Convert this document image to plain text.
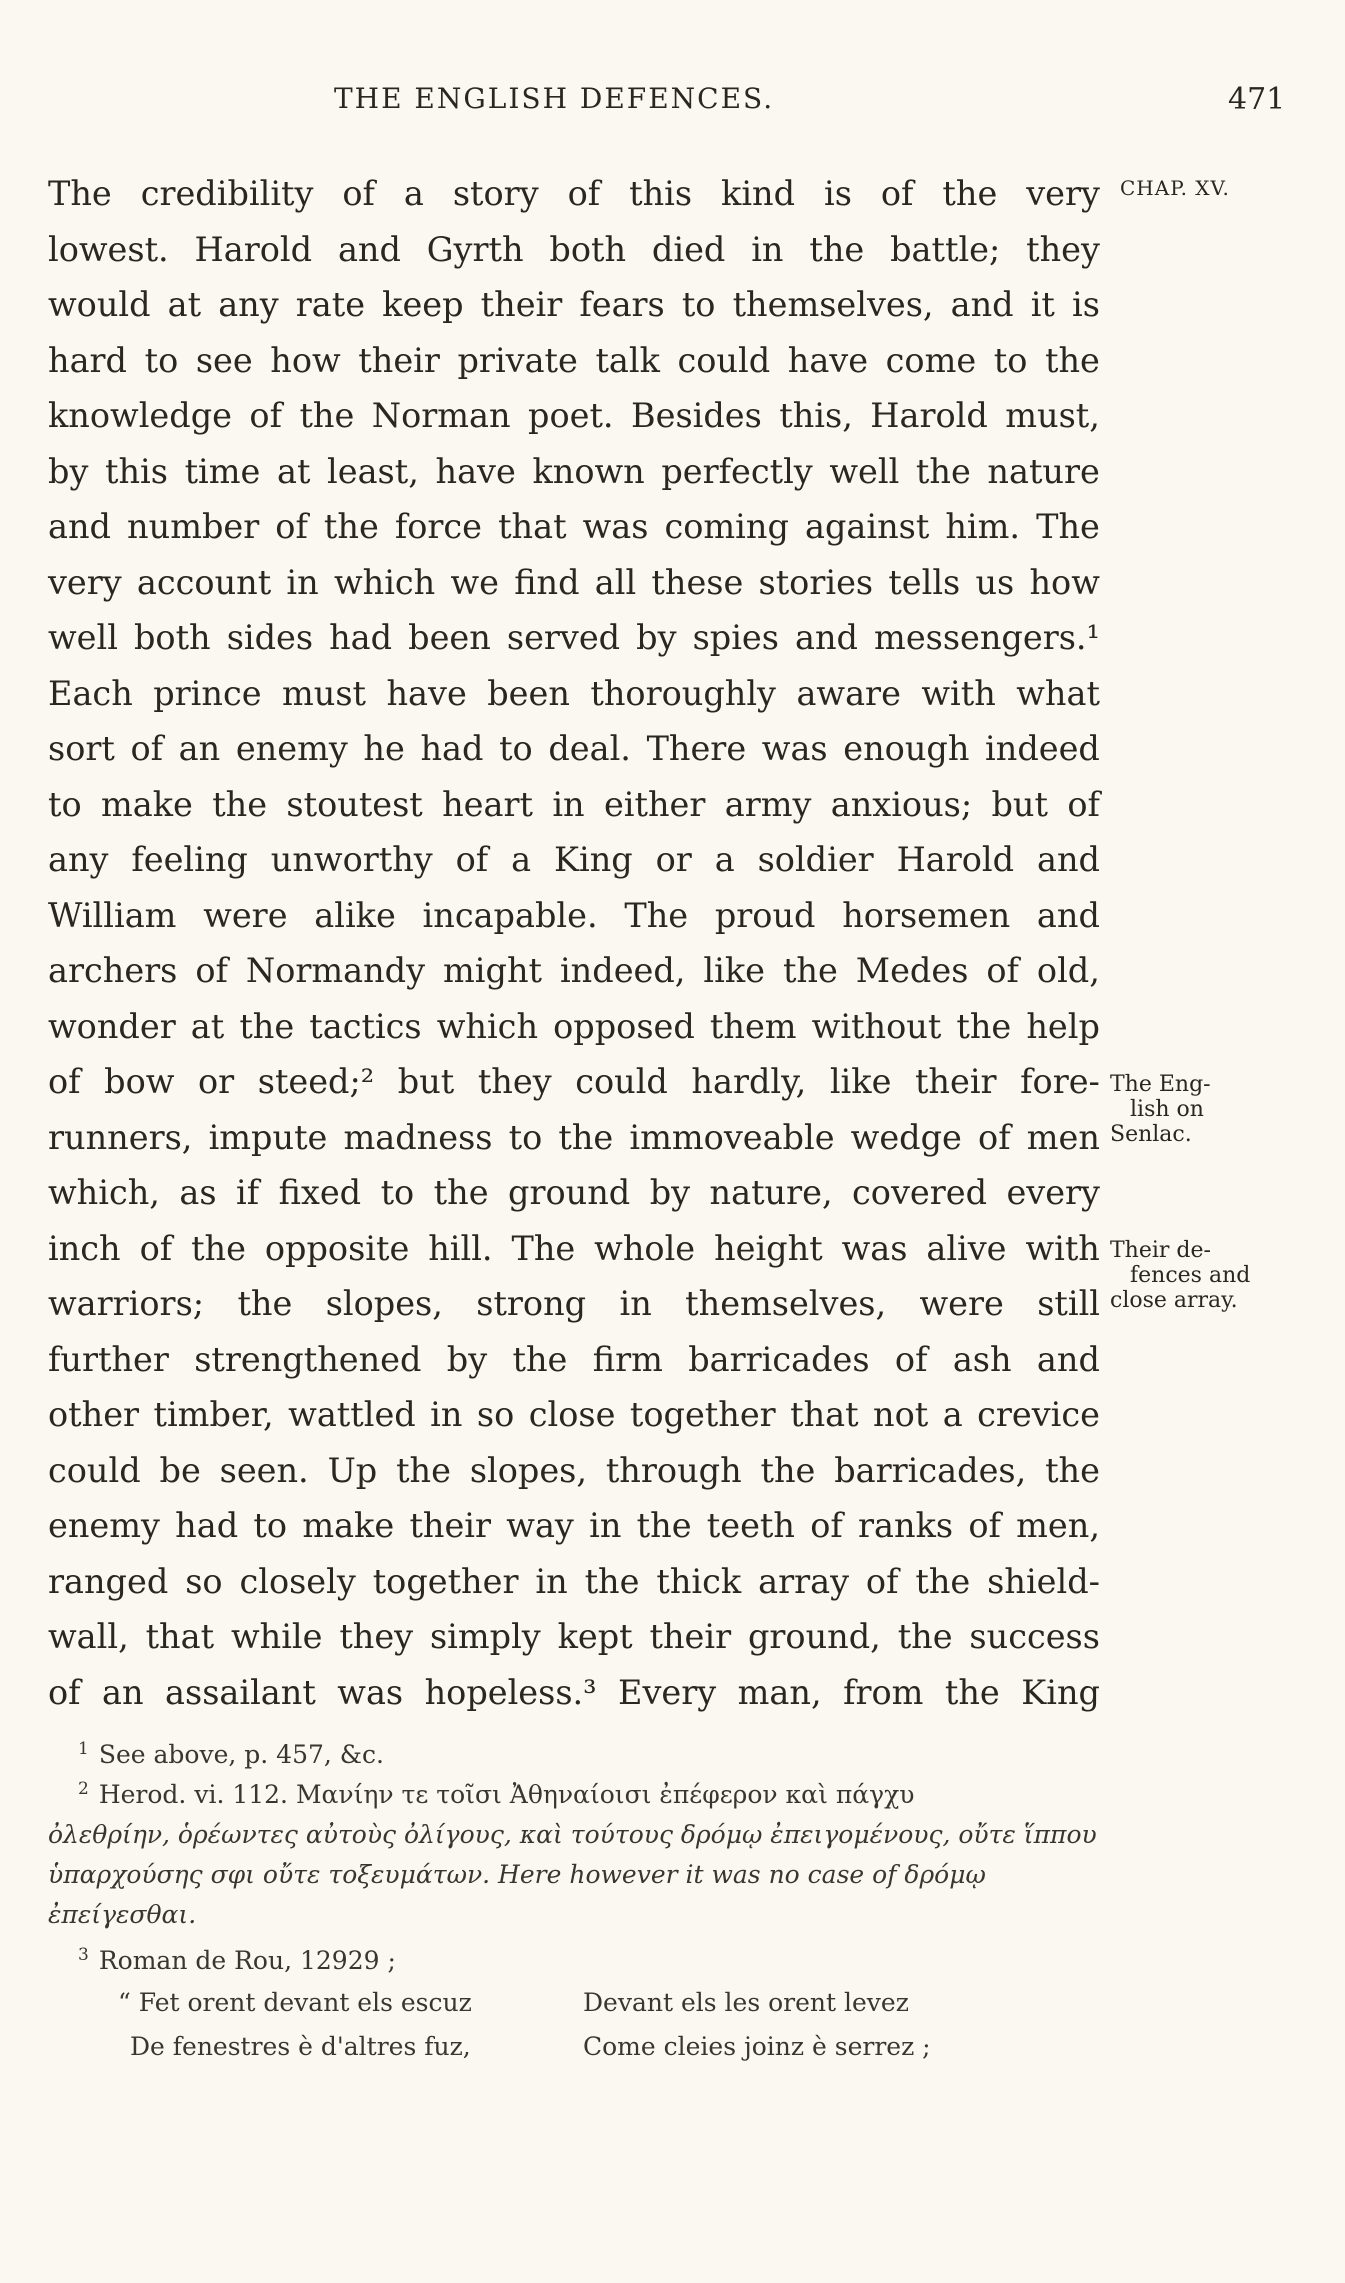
THE ENGLISH DEFENCES.	471
CHAP. XV.
The Eng-
lish on
Senlac.
Their de-
fences and
close array.
The credibility of a story of this kind is of the very
lowest. Harold and Gyrth both died in the battle; they
would at any rate keep their fears to themselves, and it is
hard to see how their private talk could have come to the
knowledge of the Norman poet. Besides this, Harold must,
by this time at least, have known perfectly well the nature
and number of the force that was coming against him. The
very account in which we find all these stories tells us how
well both sides had been served by spies and messengers.¹
Each prince must have been thoroughly aware with what
sort of an enemy he had to deal. There was enough indeed
to make the stoutest heart in either army anxious; but of
any feeling unworthy of a King or a soldier Harold and
William were alike incapable. The proud horsemen and
archers of Normandy might indeed, like the Medes of old,
wonder at the tactics which opposed them without the help
of bow or steed;² but they could hardly, like their fore-
runners, impute madness to the immoveable wedge of men
which, as if fixed to the ground by nature, covered every
inch of the opposite hill. The whole height was alive with
warriors; the slopes, strong in themselves, were still
further strengthened by the firm barricades of ash and
other timber, wattled in so close together that not a crevice
could be seen. Up the slopes, through the barricades, the
enemy had to make their way in the teeth of ranks of men,
ranged so closely together in the thick array of the shield-
wall, that while they simply kept their ground, the success
of an assailant was hopeless.³ Every man, from the King
$^1$ See above, p. 457, &c.
$^2$ Herod. vi. 112. Μανίην τε τοῖσι Ἀθηναίοισι ἐπέφερον καὶ πάγχυ
ὀλεθρίην, ὁρέωντες αὐτοὺς ὀλίγους, καὶ τούτους δρόμῳ ἐπειγομένους, οὔτε ἵππου
ὑπαρχούσης σφι οὔτε τοξευμάτων. Here however it was no case of δρόμῳ
ἐπείγεσθαι.
$^3$ Roman de Rou, 12929 ;
“ Fet orent devant els escuz	Devant els les orent levez
De fenestres è d'altres fuz,	Come cleies joinz è serrez ;
